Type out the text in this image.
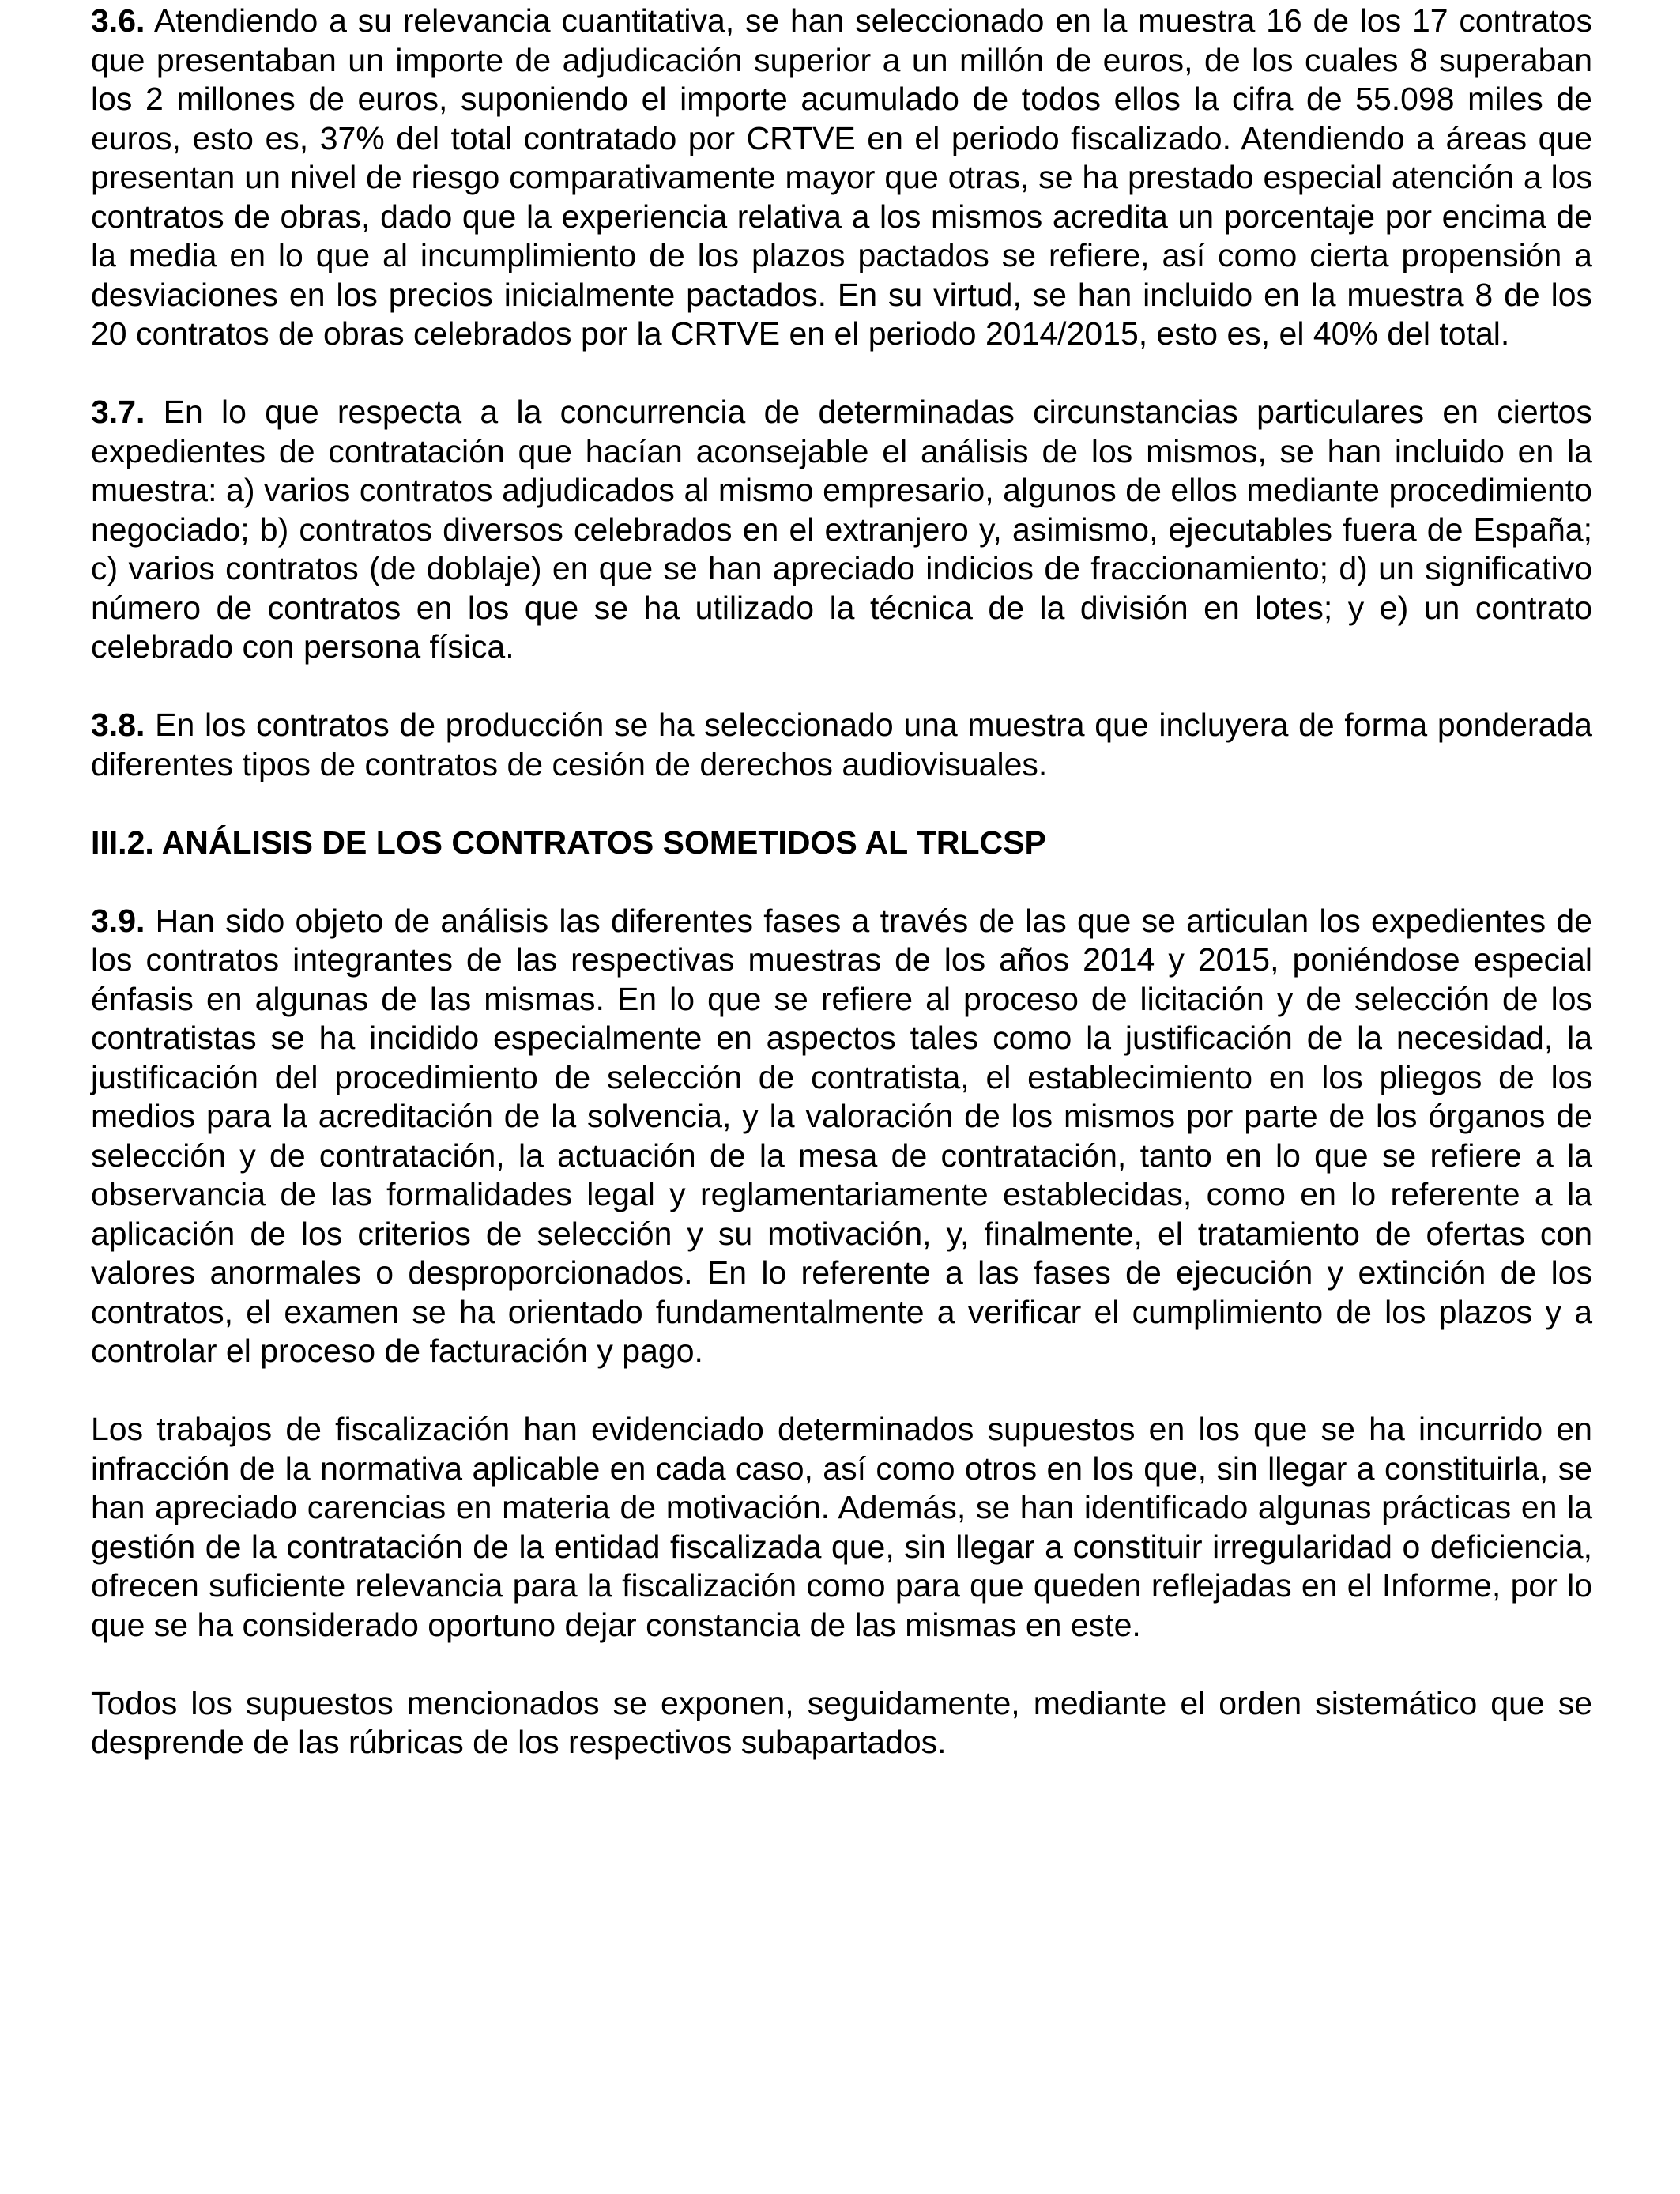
3.6. Atendiendo a su relevancia cuantitativa, se han seleccionado en la muestra 16 de los 17 contratos que presentaban un importe de adjudicación superior a un millón de euros, de los cuales 8 superaban los 2 millones de euros, suponiendo el importe acumulado de todos ellos la cifra de 55.098 miles de euros, esto es, 37% del total contratado por CRTVE en el periodo fiscalizado. Atendiendo a áreas que presentan un nivel de riesgo comparativamente mayor que otras, se ha prestado especial atención a los contratos de obras, dado que la experiencia relativa a los mismos acredita un porcentaje por encima de la media en lo que al incumplimiento de los plazos pactados se refiere, así como cierta propensión a desviaciones en los precios inicialmente pactados. En su virtud, se han incluido en la muestra 8 de los 20 contratos de obras celebrados por la CRTVE en el periodo 2014/2015, esto es, el 40% del total.

3.7. En lo que respecta a la concurrencia de determinadas circunstancias particulares en ciertos expedientes de contratación que hacían aconsejable el análisis de los mismos, se han incluido en la muestra: a) varios contratos adjudicados al mismo empresario, algunos de ellos mediante procedimiento negociado; b) contratos diversos celebrados en el extranjero y, asimismo, ejecutables fuera de España; c) varios contratos (de doblaje) en que se han apreciado indicios de fraccionamiento; d) un significativo número de contratos en los que se ha utilizado la técnica de la división en lotes; y e) un contrato celebrado con persona física.

3.8. En los contratos de producción se ha seleccionado una muestra que incluyera de forma ponderada diferentes tipos de contratos de cesión de derechos audiovisuales.

III.2. ANÁLISIS DE LOS CONTRATOS SOMETIDOS AL TRLCSP

3.9. Han sido objeto de análisis las diferentes fases a través de las que se articulan los expedientes de los contratos integrantes de las respectivas muestras de los años 2014 y 2015, poniéndose especial énfasis en algunas de las mismas. En lo que se refiere al proceso de licitación y de selección de los contratistas se ha incidido especialmente en aspectos tales como la justificación de la necesidad, la justificación del procedimiento de selección de contratista, el establecimiento en los pliegos de los medios para la acreditación de la solvencia, y la valoración de los mismos por parte de los órganos de selección y de contratación, la actuación de la mesa de contratación, tanto en lo que se refiere a la observancia de las formalidades legal y reglamentariamente establecidas, como en lo referente a la aplicación de los criterios de selección y su motivación, y, finalmente, el tratamiento de ofertas con valores anormales o desproporcionados. En lo referente a las fases de ejecución y extinción de los contratos, el examen se ha orientado fundamentalmente a verificar el cumplimiento de los plazos y a controlar el proceso de facturación y pago.

Los trabajos de fiscalización han evidenciado determinados supuestos en los que se ha incurrido en infracción de la normativa aplicable en cada caso, así como otros en los que, sin llegar a constituirla, se han apreciado carencias en materia de motivación. Además, se han identificado algunas prácticas en la gestión de la contratación de la entidad fiscalizada que, sin llegar a constituir irregularidad o deficiencia, ofrecen suficiente relevancia para la fiscalización como para que queden reflejadas en el Informe, por lo que se ha considerado oportuno dejar constancia de las mismas en este.

Todos los supuestos mencionados se exponen, seguidamente, mediante el orden sistemático que se desprende de las rúbricas de los respectivos subapartados.
